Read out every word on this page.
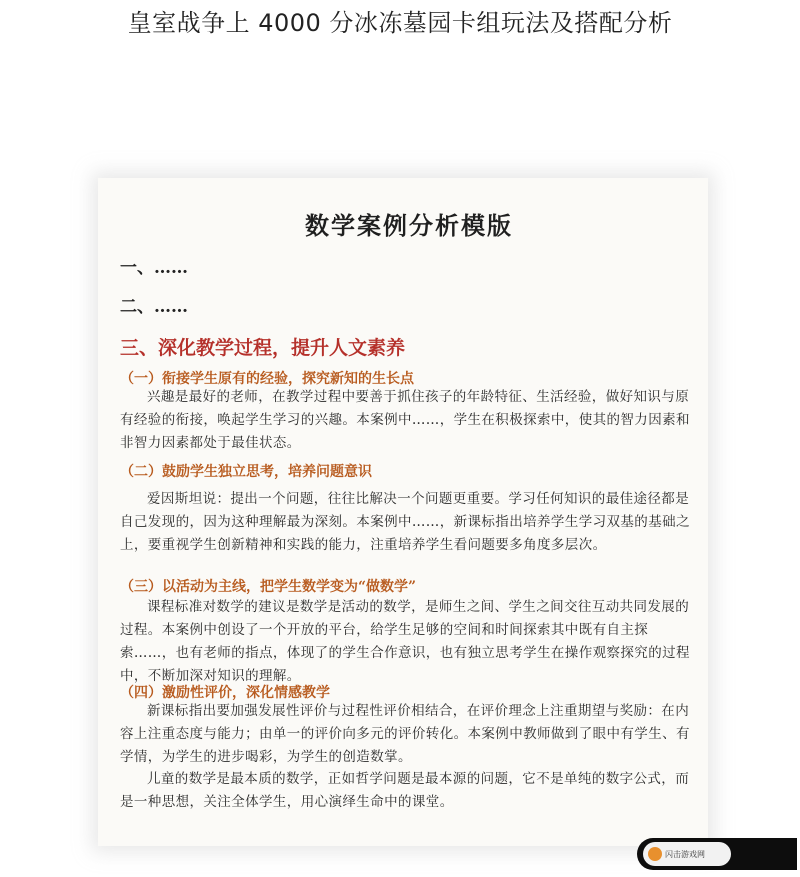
皇室战争上 4000 分冰冻墓园卡组玩法及搭配分析
数学案例分析模版
一、……
二、……
三、深化教学过程，提升人文素养
（一）衔接学生原有的经验，探究新知的生长点

兴趣是最好的老师，在教学过程中要善于抓住孩子的年龄特征、生活经验，做好知识与原有经验的衔接，唤起学生学习的兴趣。本案例中……，学生在积极探索中，使其的智力因素和非智力因素都处于最佳状态。

（二）鼓励学生独立思考，培养问题意识

爱因斯坦说：提出一个问题，往往比解决一个问题更重要。学习任何知识的最佳途径都是自己发现的，因为这种理解最为深刻。本案例中……，新课标指出培养学生学习双基的基础之上，要重视学生创新精神和实践的能力，注重培养学生看问题要多角度多层次。

（三）以活动为主线，把学生数学变为“做数学”

课程标准对数学的建议是数学是活动的数学，是师生之间、学生之间交往互动共同发展的过程。本案例中创设了一个开放的平台，给学生足够的空间和时间探索其中既有自主探索……，也有老师的指点，体现了的学生合作意识，也有独立思考学生在操作观察探究的过程中，不断加深对知识的理解。

（四）激励性评价，深化情感教学

新课标指出要加强发展性评价与过程性评价相结合，在评价理念上注重期望与奖励：在内容上注重态度与能力；由单一的评价向多元的评价转化。本案例中教师做到了眼中有学生、有学情，为学生的进步喝彩，为学生的创造数掌。

儿童的数学是最本质的数学，正如哲学问题是最本源的问题，它不是单纯的数字公式，而是一种思想，关注全体学生，用心演绎生命中的课堂。

闪击游戏网
